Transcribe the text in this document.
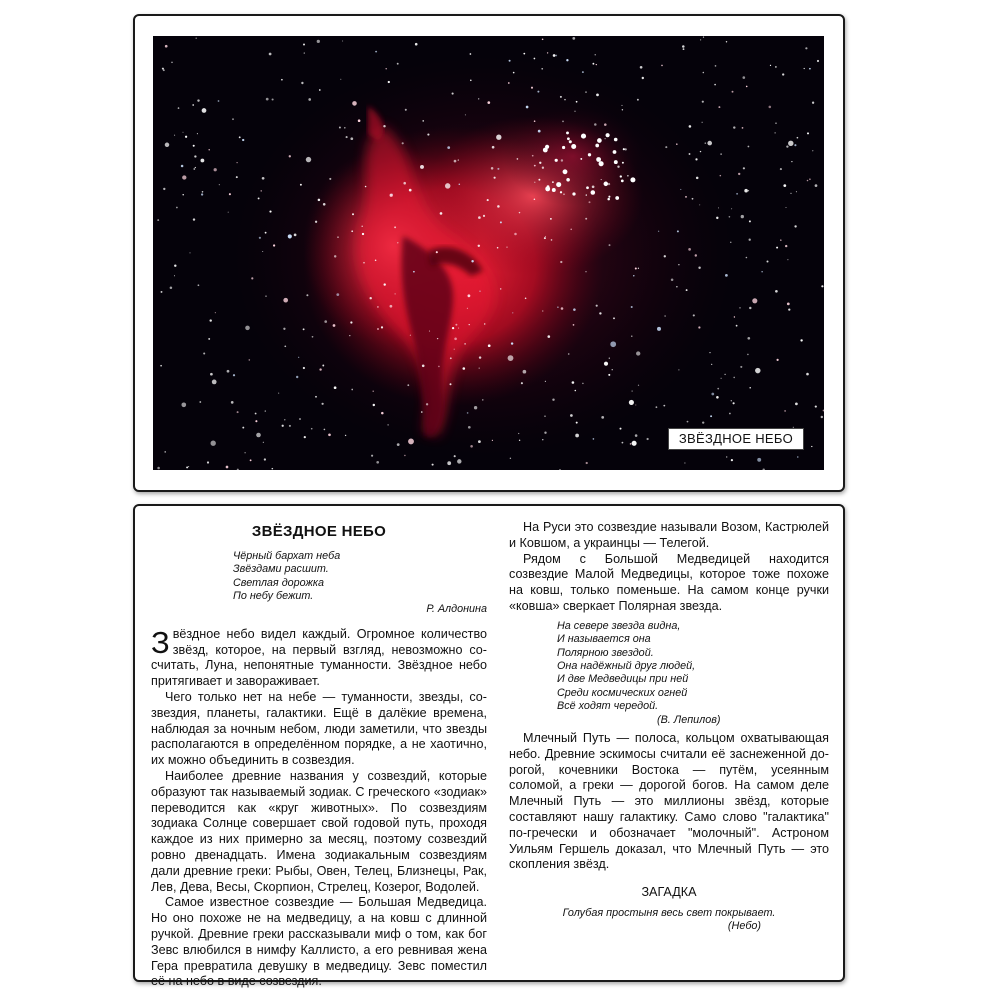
ЗВЁЗДНОЕ НЕБО
ЗВЁЗДНОЕ НЕБО
Чёрный бархат неба
Звёздами расшит.
Светлая дорожка
По небу бежит.
Р. Алдонина

Звёздное небо видел каждый. Огромное количество звёзд, которое, на первый взгляд, невозможно сосчитать, Луна, непонятные туманности. Звёздное небо притягивает и завораживает.

Чего только нет на небе — туманности, звезды, созвездия, планеты, галактики. Ещё в далёкие времена, наблюдая за ночным небом, люди заметили, что звезды располагаются в определённом порядке, а не хаотично, их можно объединить в созвездия.

Наиболее древние названия у созвездий, которые образуют так называемый зодиак. С греческого «зодиак» переводится как «круг животных». По созвездиям зодиака Солнце совершает свой годовой путь, проходя каждое из них примерно за месяц, поэтому созвездий ровно двенадцать. Имена зодиакальным созвездиям дали древние греки: Рыбы, Овен, Телец, Близнецы, Рак, Лев, Дева, Весы, Скорпион, Стрелец, Козерог, Водолей.

Самое известное созвездие — Большая Медведица. Но оно похоже не на медведицу, а на ковш с длинной ручкой. Древние греки рассказывали миф о том, как бог Зевс влюбился в нимфу Каллисто, а его ревнивая жена Гера превратила девушку в медведицу. Зевс поместил её на небо в виде созвездия.

На Руси это созвездие называли Возом, Кастрюлей и Ковшом, а украинцы — Телегой.

Рядом с Большой Медведицей находится созвездие Малой Медведицы, которое тоже похоже на ковш, только поменьше. На самом конце ручки «ковша» сверкает Полярная звезда.

На севере звезда видна,
И называется она
Полярною звездой.
Она надёжный друг людей,
И две Медведицы при ней
Среди космических огней
Всё ходят чередой.
(В. Лепилов)

Млечный Путь — полоса, кольцом охватывающая небо. Древние эскимосы считали её заснеженной дорогой, кочевники Востока — путём, усеянным соломой, а греки — дорогой богов. На самом деле Млечный Путь — это миллионы звёзд, которые составляют нашу галактику. Само слово "галактика" по-гречески и обозначает "молочный". Астроном Уильям Гершель доказал, что Млечный Путь — это скопления звёзд.

ЗАГАДКА
Голубая простыня весь свет покрывает.
(Небо)
